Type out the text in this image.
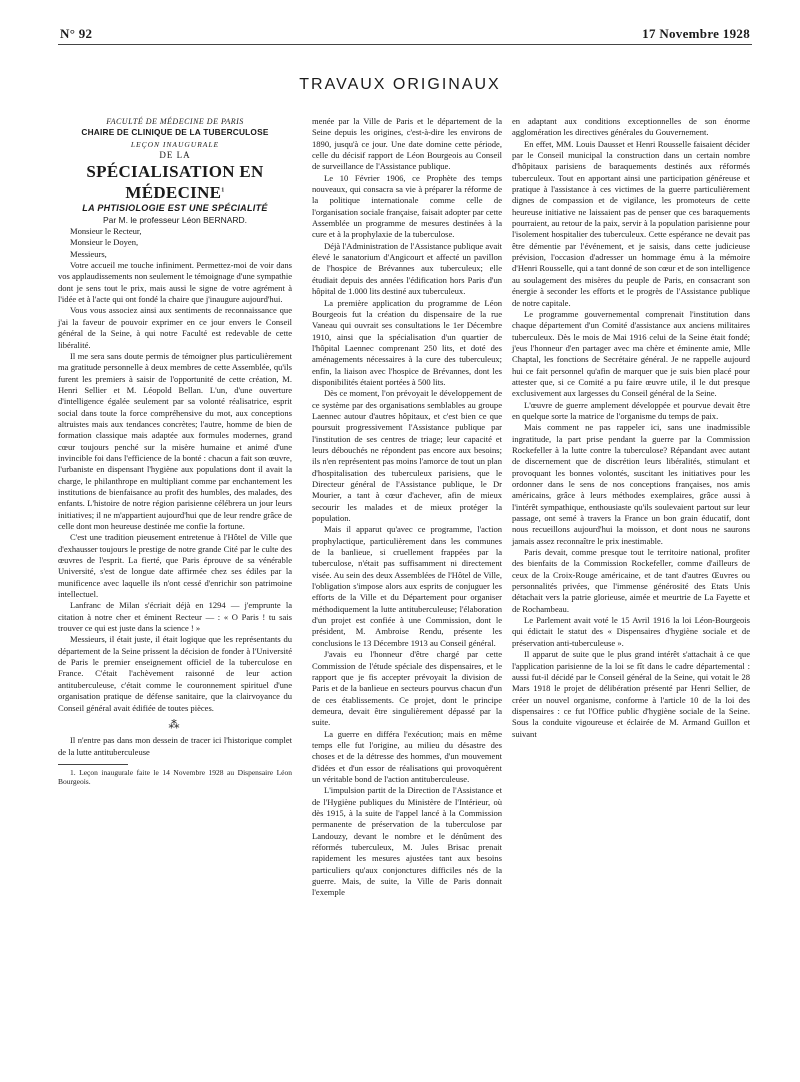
N° 92	17 Novembre 1928
TRAVAUX ORIGINAUX

FACULTÉ DE MÉDECINE DE PARIS

CHAIRE DE CLINIQUE DE LA TUBERCULOSE

LEÇON INAUGURALE

DE LA

SPÉCIALISATION EN MÉDECINE$^1$

LA PHTISIOLOGIE EST UNE SPÉCIALITÉ

Par M. le professeur Léon BERNARD.

Monsieur le Recteur,

Monsieur le Doyen,

Messieurs,

Votre accueil me touche infiniment. Permettez-moi de voir dans vos applaudissements non seulement le témoignage d'une sympathie dont je sens tout le prix, mais aussi le signe de votre agrément à l'idée et à l'acte qui ont fondé la chaire que j'inaugure aujourd'hui.

Vous vous associez ainsi aux sentiments de reconnaissance que j'ai la faveur de pouvoir exprimer en ce jour envers le Conseil général de la Seine, à qui notre Faculté est redevable de cette libéralité.

Il me sera sans doute permis de témoigner plus particulièrement ma gratitude personnelle à deux membres de cette Assemblée, qu'ils furent les premiers à saisir de l'opportunité de cette création, M. Henri Sellier et M. Léopold Bellan. L'un, d'une ouverture d'intelligence égalée seulement par sa volonté réalisatrice, esprit social dans toute la force compréhensive du mot, aux conceptions altruistes mais aux tendances concrètes; l'autre, homme de bien de formation classique mais adaptée aux formules modernes, grand cœur toujours penché sur la misère humaine et animé d'une invincible foi dans l'efficience de la bonté : chacun a fait son œuvre, l'urbaniste en dispensant l'hygiène aux populations dont il avait la charge, le philanthrope en multipliant comme par enchantement les institutions de bienfaisance au profit des humbles, des malades, des enfants. L'histoire de notre région parisienne célébrera un jour leurs initiatives; il ne m'appartient aujourd'hui que de leur rendre grâce de celle dont mon heureuse destinée me confie la fortune.

C'est une tradition pieusement entretenue à l'Hôtel de Ville que d'exhausser toujours le prestige de notre grande Cité par le culte des œuvres de l'esprit. La fierté, que Paris éprouve de sa vénérable Université, s'est de longue date affirmée chez ses édiles par la munificence avec laquelle ils n'ont cessé d'enrichir son patrimoine intellectuel.

Lanfranc de Milan s'écriait déjà en 1294 — j'emprunte la citation à notre cher et éminent Recteur — : « O Paris ! tu sais trouver ce qui est juste dans la science ! »

Messieurs, il était juste, il était logique que les représentants du département de la Seine prissent la décision de fonder à l'Université de Paris le premier enseignement officiel de la tuberculose en France. C'était l'achèvement raisonné de leur action antituberculeuse, c'était comme le couronnement spirituel d'une organisation pratique de défense sanitaire, que la clairvoyance du Conseil général avait édifiée de toutes pièces.

⁂

Il n'entre pas dans mon dessein de tracer ici l'historique complet de la lutte antituberculeuse

1. Leçon inaugurale faite le 14 Novembre 1928 au Dispensaire Léon Bourgeois.

menée par la Ville de Paris et le département de la Seine depuis les origines, c'est-à-dire les environs de 1890, jusqu'à ce jour. Une date domine cette période, celle du décisif rapport de Léon Bourgeois au Conseil de surveillance de l'Assistance publique.

Le 10 Février 1906, ce Prophète des temps nouveaux, qui consacra sa vie à préparer la réforme de la politique internationale comme celle de l'organisation sociale française, faisait adopter par cette Assemblée un programme de mesures destinées à la cure et à la prophylaxie de la tuberculose.

Déjà l'Administration de l'Assistance publique avait élevé le sanatorium d'Angicourt et affecté un pavillon de l'hospice de Brévannes aux tuberculeux; elle étudiait depuis des années l'édification hors Paris d'un hôpital de 1.000 lits destiné aux tuberculeux.

La première application du programme de Léon Bourgeois fut la création du dispensaire de la rue Vaneau qui ouvrait ses consultations le 1er Décembre 1910, ainsi que la spécialisation d'un quartier de l'hôpital Laennec comprenant 250 lits, et doté des aménagements nécessaires à la cure des tuberculeux; enfin, la liaison avec l'hospice de Brévannes, dont les disponibilités étaient portées à 500 lits.

Dès ce moment, l'on prévoyait le développement de ce système par des organisations semblables au groupe Laennec autour d'autres hôpitaux, et c'est bien ce que poursuit progressivement l'Assistance publique par l'institution de ses centres de triage; leur capacité et leurs débouchés ne répondent pas encore aux besoins; ils n'en représentent pas moins l'amorce de tout un plan d'hospitalisation des tuberculeux parisiens, que le Directeur général de l'Assistance publique, le Dr Mourier, a tant à cœur d'achever, afin de mieux secourir les malades et de mieux protéger la population.

Mais il apparut qu'avec ce programme, l'action prophylactique, particulièrement dans les communes de la banlieue, si cruellement frappées par la tuberculose, n'était pas suffisamment ni directement visée. Au sein des deux Assemblées de l'Hôtel de Ville, l'obligation s'impose alors aux esprits de conjuguer les efforts de la Ville et du Département pour organiser méthodiquement la lutte antituberculeuse; l'élaboration d'un projet est confiée à une Commission, dont le président, M. Ambroise Rendu, présente les conclusions le 13 Décembre 1913 au Conseil général.

J'avais eu l'honneur d'être chargé par cette Commission de l'étude spéciale des dispensaires, et le rapport que je fis accepter prévoyait la division de Paris et de la banlieue en secteurs pourvus chacun d'un de ces établissements. Ce projet, dont le principe demeura, devait être singulièrement dépassé par la suite.

La guerre en différa l'exécution; mais en même temps elle fut l'origine, au milieu du désastre des choses et de la détresse des hommes, d'un mouvement d'idées et d'un essor de réalisations qui provoquèrent un véritable bond de l'action antituberculeuse.

L'impulsion partit de la Direction de l'Assistance et de l'Hygiène publiques du Ministère de l'Intérieur, où dès 1915, à la suite de l'appel lancé à la Commission permanente de préservation de la tuberculose par Landouzy, devant le nombre et le dénûment des réformés tuberculeux, M. Jules Brisac prenait rapidement les mesures ajustées tant aux besoins particuliers qu'aux conjonctures difficiles nés de la guerre. Mais, de suite, la Ville de Paris donnait l'exemple

en adaptant aux conditions exceptionnelles de son énorme agglomération les directives générales du Gouvernement.

En effet, MM. Louis Dausset et Henri Rousselle faisaient décider par le Conseil municipal la construction dans un certain nombre d'hôpitaux parisiens de baraquements destinés aux réformés tuberculeux. Tout en apportant ainsi une participation généreuse et pratique à l'assistance à ces victimes de la guerre particulièrement dignes de compassion et de vigilance, les promoteurs de cette heureuse initiative ne laissaient pas de penser que ces baraquements pourraient, au retour de la paix, servir à la population parisienne pour l'isolement hospitalier des tuberculeux. Cette espérance ne devait pas être démentie par l'événement, et je saisis, dans cette judicieuse prévision, l'occasion d'adresser un hommage ému à la mémoire d'Henri Rousselle, qui a tant donné de son cœur et de son intelligence au soulagement des misères du peuple de Paris, en consacrant son énergie à seconder les efforts et le progrès de l'Assistance publique de notre capitale.

Le programme gouvernemental comprenait l'institution dans chaque département d'un Comité d'assistance aux anciens militaires tuberculeux. Dès le mois de Mai 1916 celui de la Seine était fondé; j'eus l'honneur d'en partager avec ma chère et éminente amie, Mlle Chaptal, les fonctions de Secrétaire général. Je ne rappelle aujourd hui ce fait personnel qu'afin de marquer que je suis bien placé pour attester que, si ce Comité a pu faire œuvre utile, il le dut presque exclusivement aux largesses du Conseil général de la Seine.

L'œuvre de guerre amplement développée et pourvue devait être en quelque sorte la matrice de l'organisme du temps de paix.

Mais comment ne pas rappeler ici, sans une inadmissible ingratitude, la part prise pendant la guerre par la Commission Rockefeller à la lutte contre la tuberculose? Répandant avec autant de discernement que de discrétion leurs libéralités, stimulant et provoquant les bonnes volontés, suscitant les initiatives pour les ordonner dans le sens de nos conceptions françaises, nos amis américains, grâce à leurs méthodes exemplaires, grâce aussi à l'intérêt sympathique, enthousiaste qu'ils soulevaient partout sur leur passage, ont semé à travers la France un bon grain éducatif, dont nous recueillons aujourd'hui la moisson, et dont nous ne saurons jamais assez reconnaître le prix inestimable.

Paris devait, comme presque tout le territoire national, profiter des bienfaits de la Commission Rockefeller, comme d'ailleurs de ceux de la Croix-Rouge américaine, et de tant d'autres Œuvres ou personnalités privées, que l'immense générosité des Etats Unis détachait vers la patrie glorieuse, aimée et meurtrie de La Fayette et de Rochambeau.

Le Parlement avait voté le 15 Avril 1916 la loi Léon-Bourgeois qui édictait le statut des « Dispensaires d'hygiène sociale et de préservation anti-tuberculeuse ».

Il apparut de suite que le plus grand intérêt s'attachait à ce que l'application parisienne de la loi se fît dans le cadre départemental : aussi fut-il décidé par le Conseil général de la Seine, qui votait le 28 Mars 1918 le projet de délibération présenté par Henri Sellier, de créer un nouvel organisme, conforme à l'article 10 de la loi des dispensaires : ce fut l'Office public d'hygiène sociale de la Seine. Sous la conduite vigoureuse et éclairée de M. Armand Guillon et suivant
